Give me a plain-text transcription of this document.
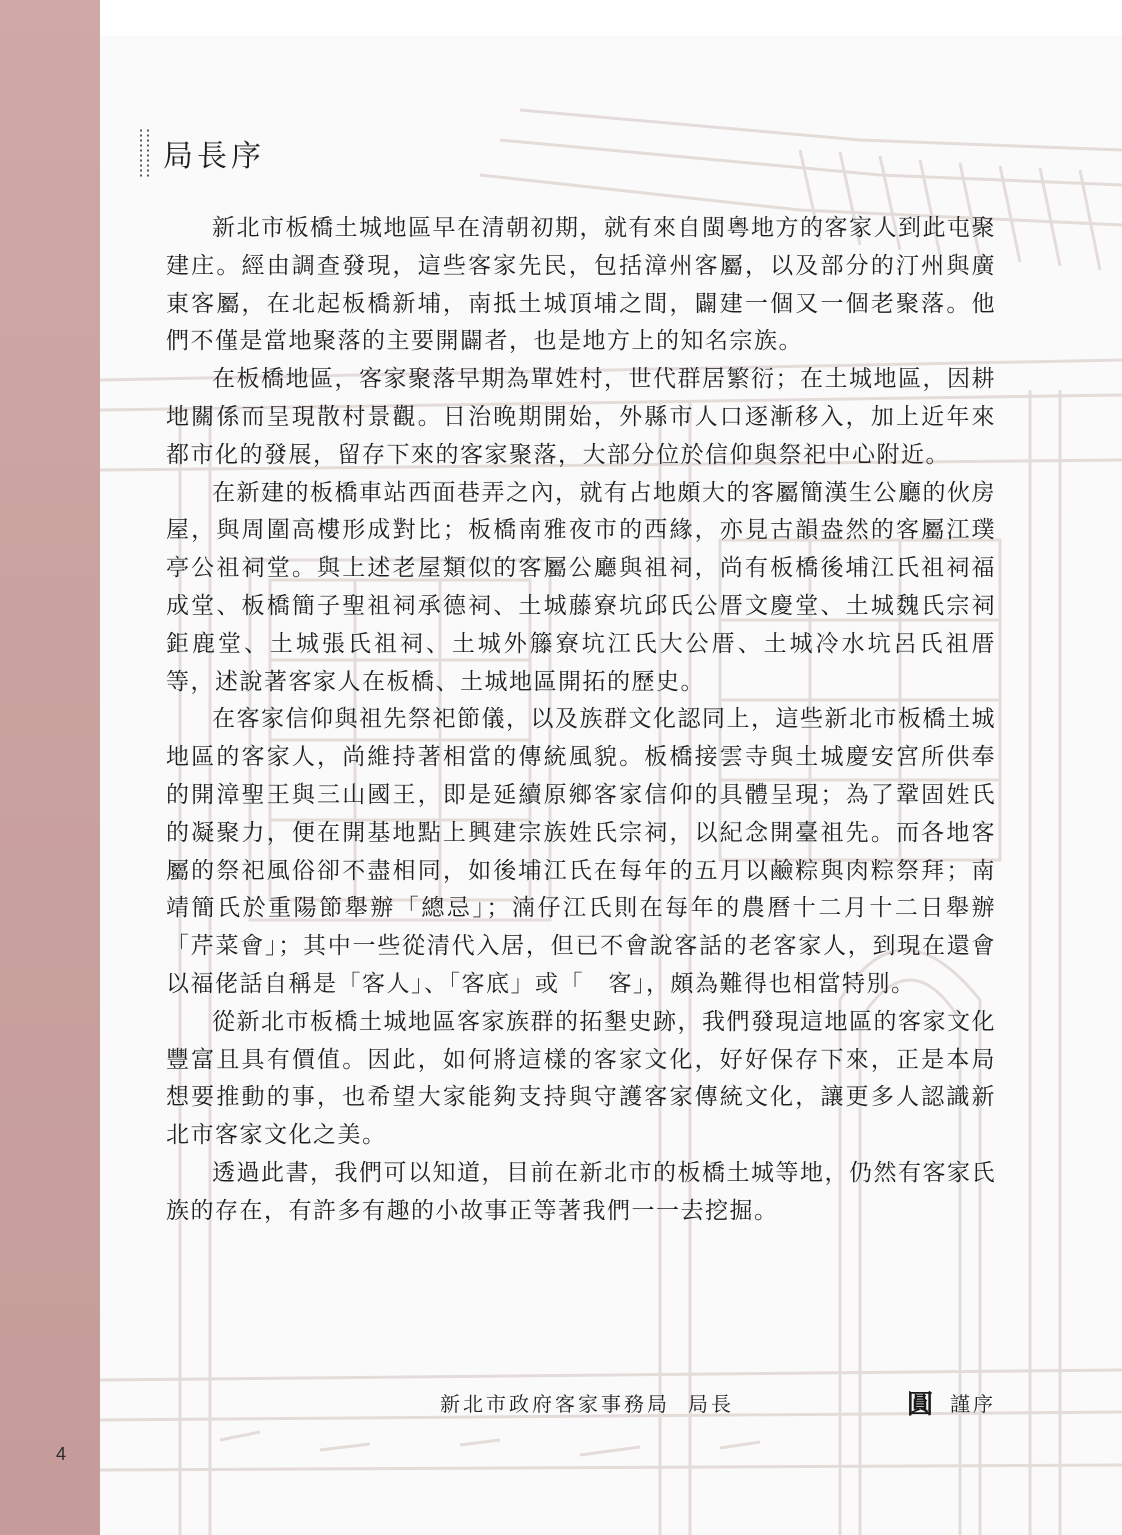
4
局長序

新北市板橋土城地區早在清朝初期，就有來自閩粵地方的客家人到此屯聚建庄。經由調查發現，這些客家先民，包括漳州客屬，以及部分的汀州與廣東客屬，在北起板橋新埔，南抵土城頂埔之間，闢建一個又一個老聚落。他們不僅是當地聚落的主要開闢者，也是地方上的知名宗族。

在板橋地區，客家聚落早期為單姓村，世代群居繁衍；在土城地區，因耕地關係而呈現散村景觀。日治晚期開始，外縣市人口逐漸移入，加上近年來都市化的發展，留存下來的客家聚落，大部分位於信仰與祭祀中心附近。

在新建的板橋車站西面巷弄之內，就有占地頗大的客屬簡漢生公廳的伙房屋，與周圍高樓形成對比；板橋南雅夜市的西緣，亦見古韻盎然的客屬江璞亭公祖祠堂。與上述老屋類似的客屬公廳與祖祠，尚有板橋後埔江氏祖祠福成堂、板橋簡子聖祖祠承德祠、土城藤寮坑邱氏公厝文慶堂、土城魏氏宗祠鉅鹿堂、土城張氏祖祠、土城外籐寮坑江氏大公厝、土城冷水坑呂氏祖厝等，述說著客家人在板橋、土城地區開拓的歷史。

在客家信仰與祖先祭祀節儀，以及族群文化認同上，這些新北市板橋土城地區的客家人，尚維持著相當的傳統風貌。板橋接雲寺與土城慶安宮所供奉的開漳聖王與三山國王，即是延續原鄉客家信仰的具體呈現；為了鞏固姓氏的凝聚力，便在開基地點上興建宗族姓氏宗祠，以紀念開臺祖先。而各地客屬的祭祀風俗卻不盡相同，如後埔江氏在每年的五月以鹼粽與肉粽祭拜；南靖簡氏於重陽節舉辦「總忌」；湳仔江氏則在每年的農曆十二月十二日舉辦「芹菜會」；其中一些從清代入居，但已不會說客話的老客家人，到現在還會以福佬話自稱是「客人」、「客底」或「　客」，頗為難得也相當特別。

從新北市板橋土城地區客家族群的拓墾史跡，我們發現這地區的客家文化豐富且具有價值。因此，如何將這樣的客家文化，好好保存下來，正是本局想要推動的事，也希望大家能夠支持與守護客家傳統文化，讓更多人認識新北市客家文化之美。

透過此書，我們可以知道，目前在新北市的板橋土城等地，仍然有客家氏族的存在，有許多有趣的小故事正等著我們一一去挖掘。

新北市政府客家事務局 局長	圓 謹序
